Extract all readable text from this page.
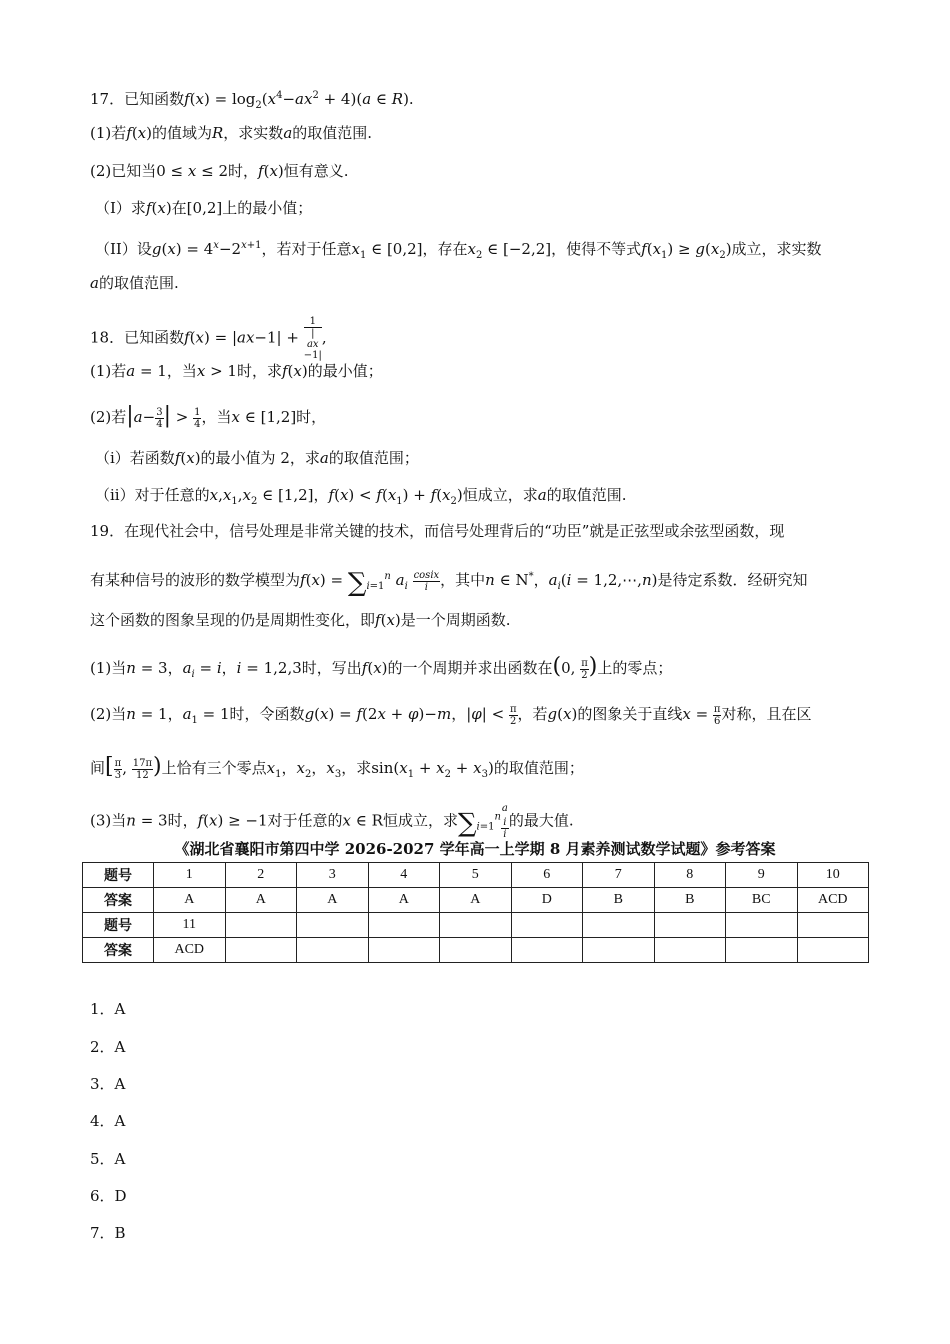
17．已知函数$f(x) = \log_2(x^4-ax^2 + 4)(a$ ∈ R).
(1)若f(x)的值域为R，求实数a的取值范围.
(2)已知当0 ≤ x ≤ 2时，f(x)恒有意义.
（I）求f(x)在[0,2]上的最小值；
（II）设$g(x) = 4^x-2^{x+1}$，若对于任意$x_1$ ∈ [0,2]，存在$x_2$ ∈ [−2,2]，使得不等式$f(x_1) \ge g(x_2)$成立，求实数
a的取值范围.
18．已知函数f(x) = |ax−1| + 1
|
ax
−1| ,
(1)若a = 1，当x > 1时，求f(x)的最小值；
(2)若$|a- \frac{3}{4}$ | > $\frac{1}{4}$ ，当x ∈ [1,2]时，
（i）若函数f(x)的最小值为 2，求a的取值范围；
（ii）对于任意的$x,x_1,x_2$ ∈ [1,2]，$f(x) < f(x_1) + f(x_2)$恒成立，求a的取值范围.
19．在现代社会中，信号处理是非常关键的技术，而信号处理背后的“功臣”就是正弦型或余弦型函数，现
有某种信号的波形的数学模型为$f(x) = \sum_{i=1}^n$ $a_i \frac{\text{cosix}}{i}$ ，其中n ∈ N*，$a_i(i$ = 1,2,⋯,n)是待定系数．经研究知
这个函数的图象呈现的仍是周期性变化，即f(x)是一个周期函数.
(1)当n = 3，$a_i = i$，i = 1,2,3时，写出f(x)的一个周期并求出函数在(0, $\frac{\pi}{2}$ )上的零点；
(2)当n = 1，$a_1 = 1$时，令函数g(x) = f(2x + φ)−m，$|\varphi| < \frac{\pi}{2}$ ，若g(x)的图象关于直线$x = \frac{\pi}{6}$ 对称，且在区
间[ $\frac{\pi}{3}$ , $\frac{17\pi}{12}$ )上恰有三个零点$x_1$，$x_2$，$x_3$，求$\sin(x_1 + x_2 + x_3)$的取值范围；
(3)当n = 3时，f(x) ≥ −1对于任意的x ∈ R恒成立，求$\sum_{i=1}^n$ a
$_i$
i 的最大值.
《湖北省襄阳市第四中学 2026-2027 学年高一上学期 8 月素养测试数学试题》参考答案
题号	1	2	3	4	5	6	7	8	9	10
答案	A	A	A	A	A	D	B	B	BC	ACD
题号	11									
答案	ACD									
1．A
2．A
3．A
4．A
5．A
6．D
7．B
